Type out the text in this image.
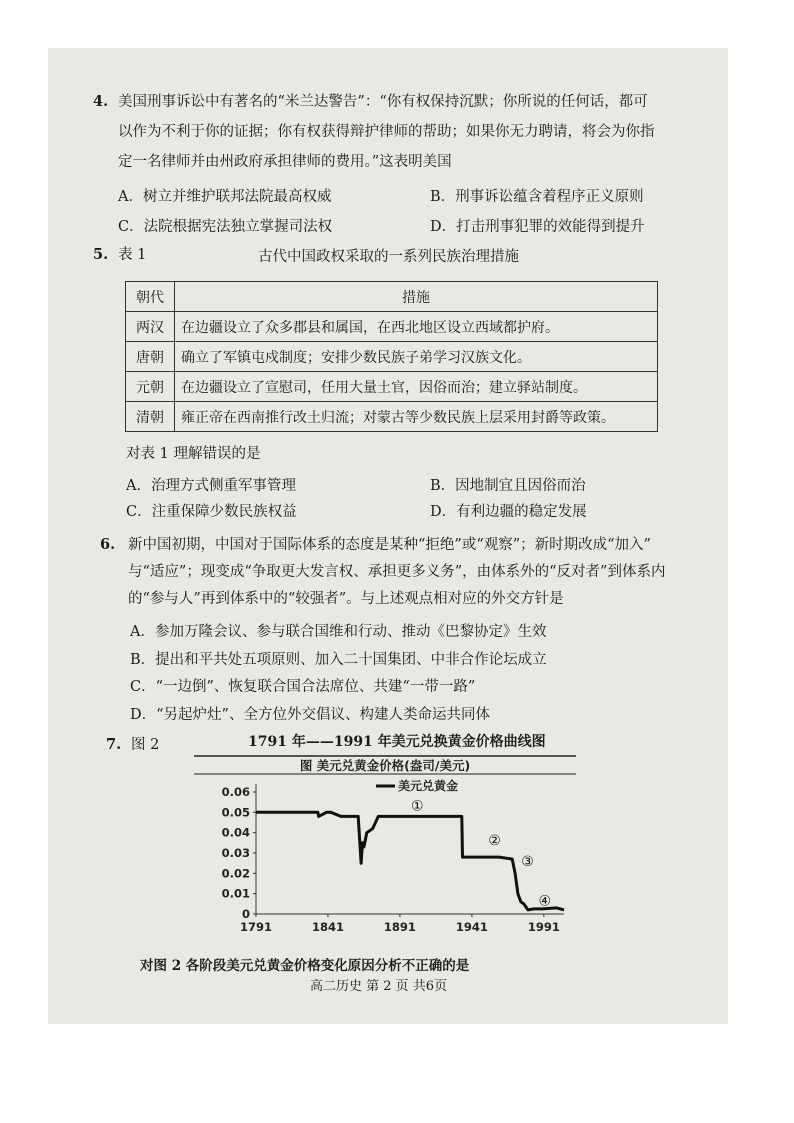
4. 美国刑事诉讼中有著名的“米兰达警告”：“你有权保持沉默；你所说的任何话，都可
以作为不利于你的证据；你有权获得辩护律师的帮助；如果你无力聘请，将会为你指
定一名律师并由州政府承担律师的费用。”这表明美国
A．树立并维护联邦法院最高权威	B．刑事诉讼蕴含着程序正义原则
C．法院根据宪法独立掌握司法权	D．打击刑事犯罪的效能得到提升
5. 表 1	古代中国政权采取的一系列民族治理措施
朝代	措施
两汉	在边疆设立了众多郡县和属国，在西北地区设立西域都护府。
唐朝	确立了军镇屯戍制度；安排少数民族子弟学习汉族文化。
元朝	在边疆设立了宣慰司，任用大量土官，因俗而治；建立驿站制度。
清朝	雍正帝在西南推行改土归流；对蒙古等少数民族上层采用封爵等政策。
对表 1 理解错误的是
A．治理方式侧重军事管理	B．因地制宜且因俗而治
C．注重保障少数民族权益	D．有利边疆的稳定发展
6. 新中国初期，中国对于国际体系的态度是某种“拒绝”或“观察”；新时期改成“加入”
与“适应”；现变成“争取更大发言权、承担更多义务”，由体系外的“反对者”到体系内
的“参与人”再到体系中的“较强者”。与上述观点相对应的外交方针是
A．参加万隆会议、参与联合国维和行动、推动《巴黎协定》生效
B．提出和平共处五项原则、加入二十国集团、中非合作论坛成立
C．“一边倒”、恢复联合国合法席位、共建“一带一路”
D．“另起炉灶”、全方位外交倡议、构建人类命运共同体
7. 图 2	1791 年——1991 年美元兑换黄金价格曲线图
图 美元兑黄金价格(盎司/美元)
0
0.01
0.02
0.03
0.04
0.05
0.06
1791	1841	1891	1941	1991
美元兑黄金
①
②
③
④
对图 2 各阶段美元兑黄金价格变化原因分析不正确的是
高二历史 第 2 页 共6页
